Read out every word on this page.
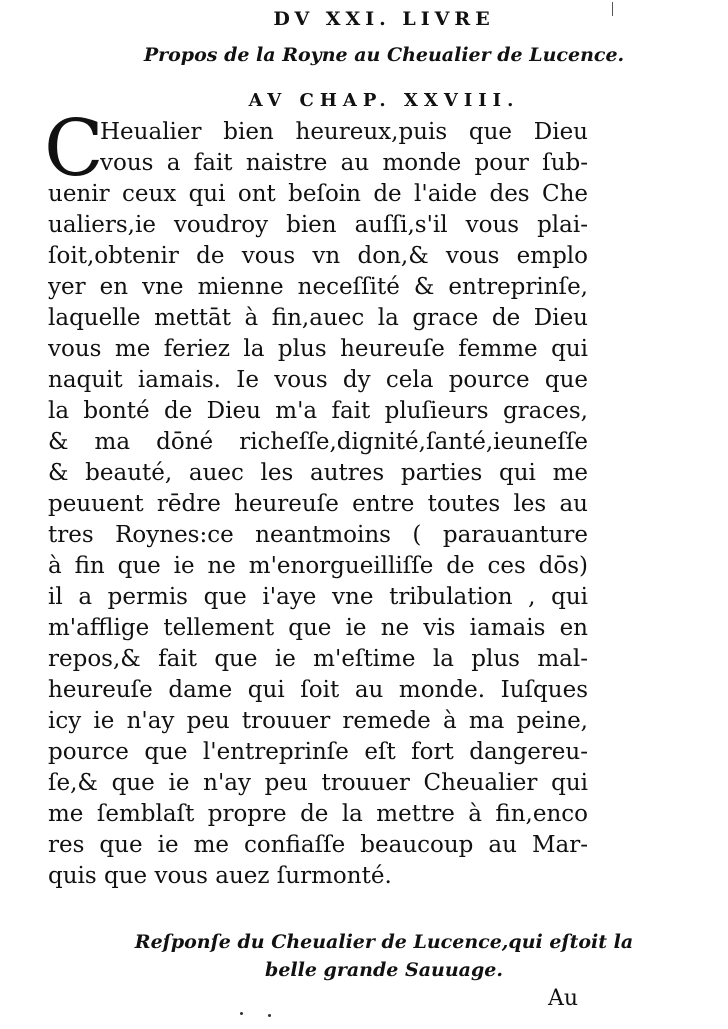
DV XXI. LIVRE
Propos de la Royne au Cheualier de Lucence.
AV CHAP. XXVIII.
C
Heualier bien heureux,puis que Dieu
vous a fait naistre au monde pour ſub-
uenir ceux qui ont beſoin de l'aide des Che
ualiers,ie voudroy bien auſſi,s'il vous plai-
ſoit,obtenir de vous vn don,& vous emplo
yer en vne mienne neceſſité & entreprinſe,
laquelle mettāt à fin,auec la grace de Dieu
vous me feriez la plus heureuſe femme qui
naquit iamais. Ie vous dy cela pource que
la bonté de Dieu m'a fait pluſieurs graces,
& ma dōné richeſſe,dignité,ſanté,ieuneſſe
& beauté, auec les autres parties qui me
peuuent rēdre heureuſe entre toutes les au
tres Roynes:ce neantmoins ( parauanture
à fin que ie ne m'enorgueilliſſe de ces dōs)
il a permis que i'aye vne tribulation , qui
m'afflige tellement que ie ne vis iamais en
repos,& fait que ie m'eſtime la plus mal-
heureuſe dame qui ſoit au monde. Iuſques
icy ie n'ay peu trouuer remede à ma peine,
pource que l'entreprinſe eſt fort dangereu-
ſe,& que ie n'ay peu trouuer Cheualier qui
me ſemblaſt propre de la mettre à fin,enco
res que ie me confiaſſe beaucoup au Mar-
quis que vous auez ſurmonté.
Reſponſe du Cheualier de Lucence,qui eſtoit la
belle grande Sauuage.
Au
